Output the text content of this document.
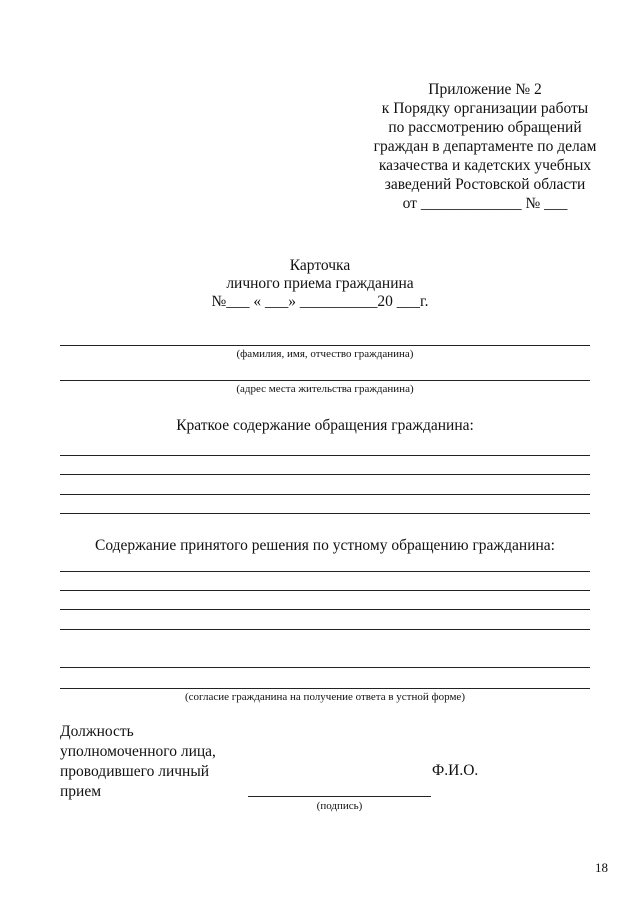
Приложение № 2
к Порядку организации работы
по рассмотрению обращений
граждан в департаменте по делам
казачества и кадетских учебных
заведений Ростовской области
от _____________ № ___
Карточка
личного приема гражданина
№___ « ___» __________20 ___г.
(фамилия, имя, отчество гражданина)
(адрес места жительства гражданина)
Краткое содержание обращения гражданина:
Содержание принятого решения по устному обращению гражданина:
(согласие гражданина на получение ответа в устной форме)
Должность
уполномоченного лица,
проводившего личный
прием
Ф.И.О.
(подпись)
18
